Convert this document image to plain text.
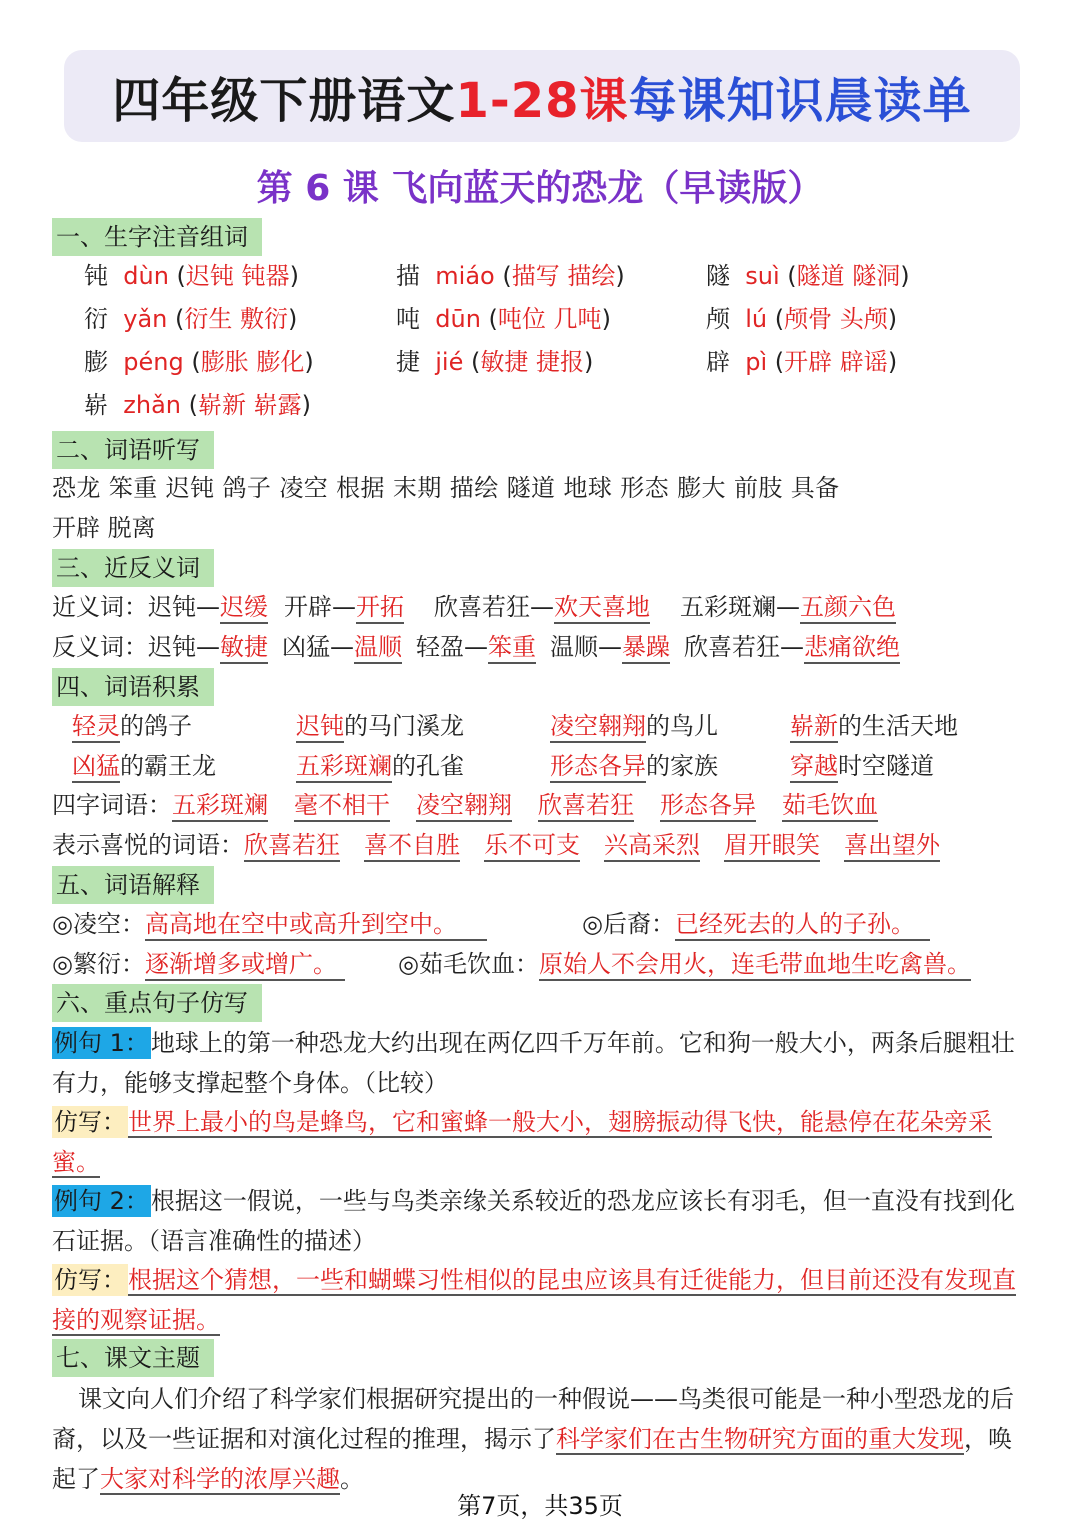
四年级下册语文 1-28课 每课知识晨读单
第 6 课 飞向蓝天的恐龙（早读版）
一、生字注音组词
钝 dùn (迟钝 钝器)	描 miáo (描写 描绘)	隧 suì (隧道 隧洞)
衍 yǎn (衍生 敷衍)	吨 dūn (吨位 几吨)	颅 lú (颅骨 头颅)
膨 péng (膨胀 膨化)	捷 jié (敏捷 捷报)	辟 pì (开辟 辟谣)
崭 zhǎn (崭新 崭露)
二、词语听写
恐龙 笨重 迟钝 鸽子 凌空 根据 末期 描绘 隧道 地球 形态 膨大 前肢 具备
开辟 脱离
三、近反义词
近义词：迟钝—迟缓 开辟—开拓 欣喜若狂—欢天喜地 五彩斑斓—五颜六色
反义词：迟钝—敏捷 凶猛—温顺 轻盈—笨重 温顺—暴躁 欣喜若狂—悲痛欲绝
四、词语积累
轻灵的鸽子	迟钝的马门溪龙	凌空翱翔的鸟儿	崭新的生活天地
凶猛的霸王龙	五彩斑斓的孔雀	形态各异的家族	穿越时空隧道
四字词语：五彩斑斓 毫不相干 凌空翱翔 欣喜若狂 形态各异 茹毛饮血
表示喜悦的词语：欣喜若狂 喜不自胜 乐不可支 兴高采烈 眉开眼笑 喜出望外
五、词语解释
◎凌空：高高地在空中或高升到空中。	◎后裔：已经死去的人的子孙。
◎繁衍：逐渐增多或增广。	◎茹毛饮血：原始人不会用火，连毛带血地生吃禽兽。
六、重点句子仿写
例句 1：地球上的第一种恐龙大约出现在两亿四千万年前。它和狗一般大小，两条后腿粗壮有力，能够支撑起整个身体。（比较）
仿写：世界上最小的鸟是蜂鸟，它和蜜蜂一般大小，翅膀振动得飞快，能悬停在花朵旁采蜜。
例句 2：根据这一假说，一些与鸟类亲缘关系较近的恐龙应该长有羽毛，但一直没有找到化石证据。（语言准确性的描述）
仿写：根据这个猜想，一些和蝴蝶习性相似的昆虫应该具有迁徙能力，但目前还没有发现直接的观察证据。
七、课文主题
课文向人们介绍了科学家们根据研究提出的一种假说——鸟类很可能是一种小型恐龙的后裔，以及一些证据和对演化过程的推理，揭示了科学家们在古生物研究方面的重大发现，唤起了大家对科学的浓厚兴趣。
第7页，共35页
